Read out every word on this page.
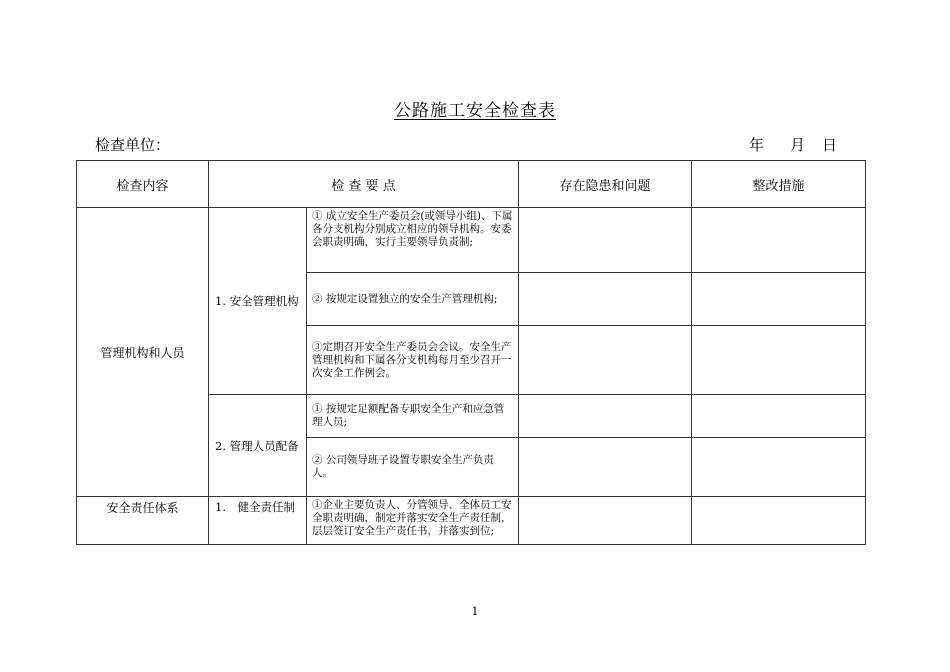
公路施工安全检查表
检查单位：	年 月 日
检查内容	检 查 要 点		存在隐患和问题	整改措施
管理机构和人员	1. 安全管理机构	① 成立安全生产委员会(或领导小组)、下属各分支机构分别成立相应的领导机构。安委会职责明确，实行主要领导负责制;		
		② 按规定设置独立的安全生产管理机构;		
		③定期召开安全生产委员会会议。安全生产管理机构和下属各分支机构每月至少召开一次安全工作例会。		
	2. 管理人员配备	① 按规定足额配备专职安全生产和应急管理人员;		
		② 公司领导班子设置专职安全生产负责人。		
安全责任体系	1.　健全责任制	①企业主要负责人、分管领导、全体员工安全职责明确，制定并落实安全生产责任制，层层签订安全生产责任书，并落实到位;		
1
